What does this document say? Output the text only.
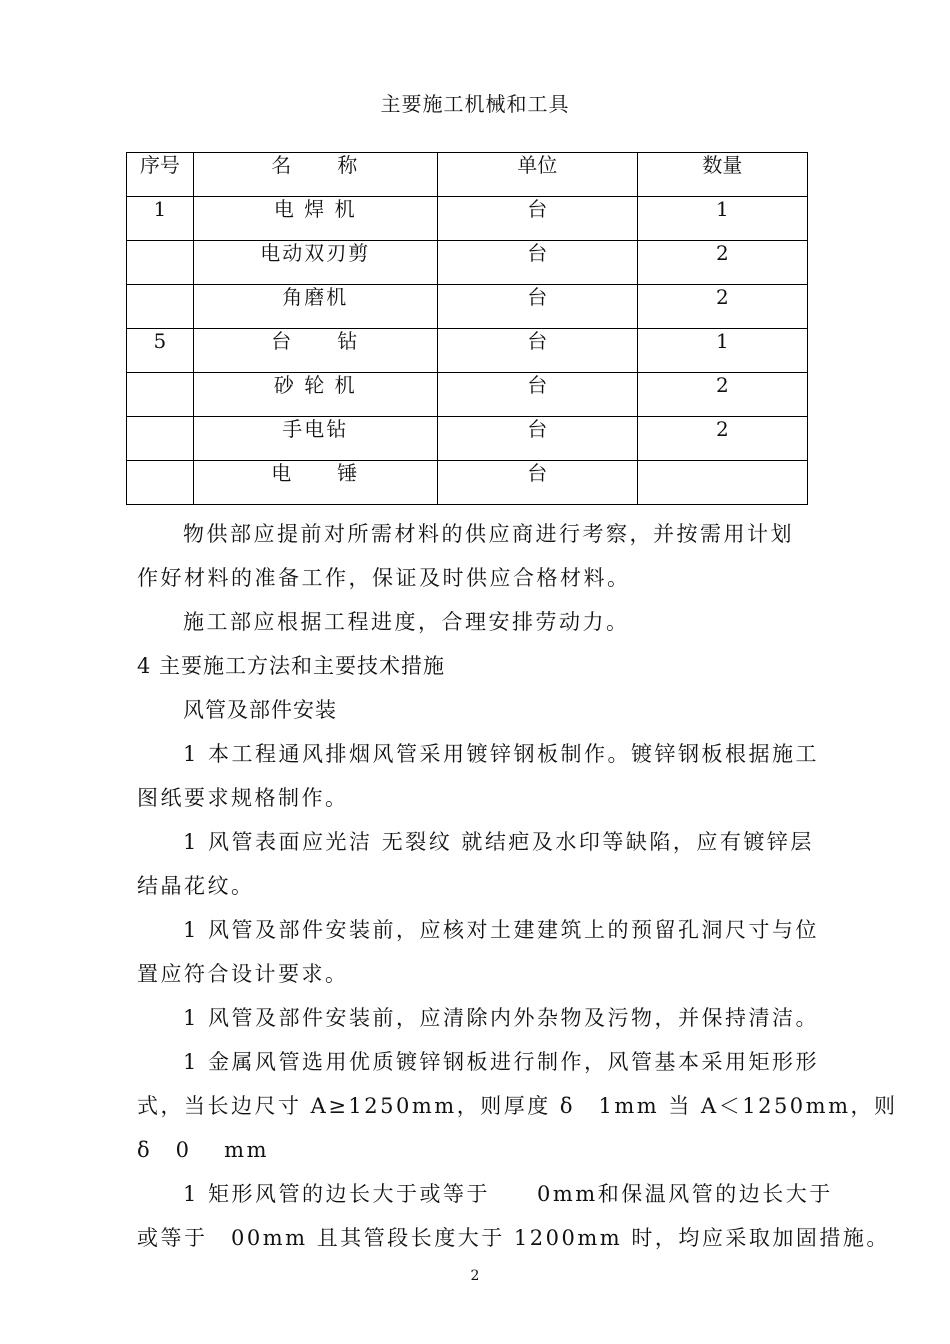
主要施工机械和工具
序号	名　　称	单位	数量
1	电 焊 机	台	1
	电动双刃剪	台	2
	角磨机	台	2
5	台　　钻	台	1
	砂 轮 机	台	2
	手电钻	台	2
	电　　锤	台	
物供部应提前对所需材料的供应商进行考察，并按需用计划
作好材料的准备工作，保证及时供应合格材料。
施工部应根据工程进度，合理安排劳动力。
4 主要施工方法和主要技术措施
风管及部件安装
1 本工程通风排烟风管采用镀锌钢板制作。镀锌钢板根据施工
图纸要求规格制作。
1 风管表面应光洁 无裂纹 就结疤及水印等缺陷，应有镀锌层
结晶花纹。
1 风管及部件安装前，应核对土建建筑上的预留孔洞尺寸与位
置应符合设计要求。
1 风管及部件安装前，应清除内外杂物及污物，并保持清洁。
1 金属风管选用优质镀锌钢板进行制作，风管基本采用矩形形
式，当长边尺寸 A≥1250mm，则厚度 δ　1mm 当 A＜1250mm，则
δ　0　 mm
1 矩形风管的边长大于或等于　　0mm和保温风管的边长大于
或等于　00mm 且其管段长度大于 1200mm 时，均应采取加固措施。
2
